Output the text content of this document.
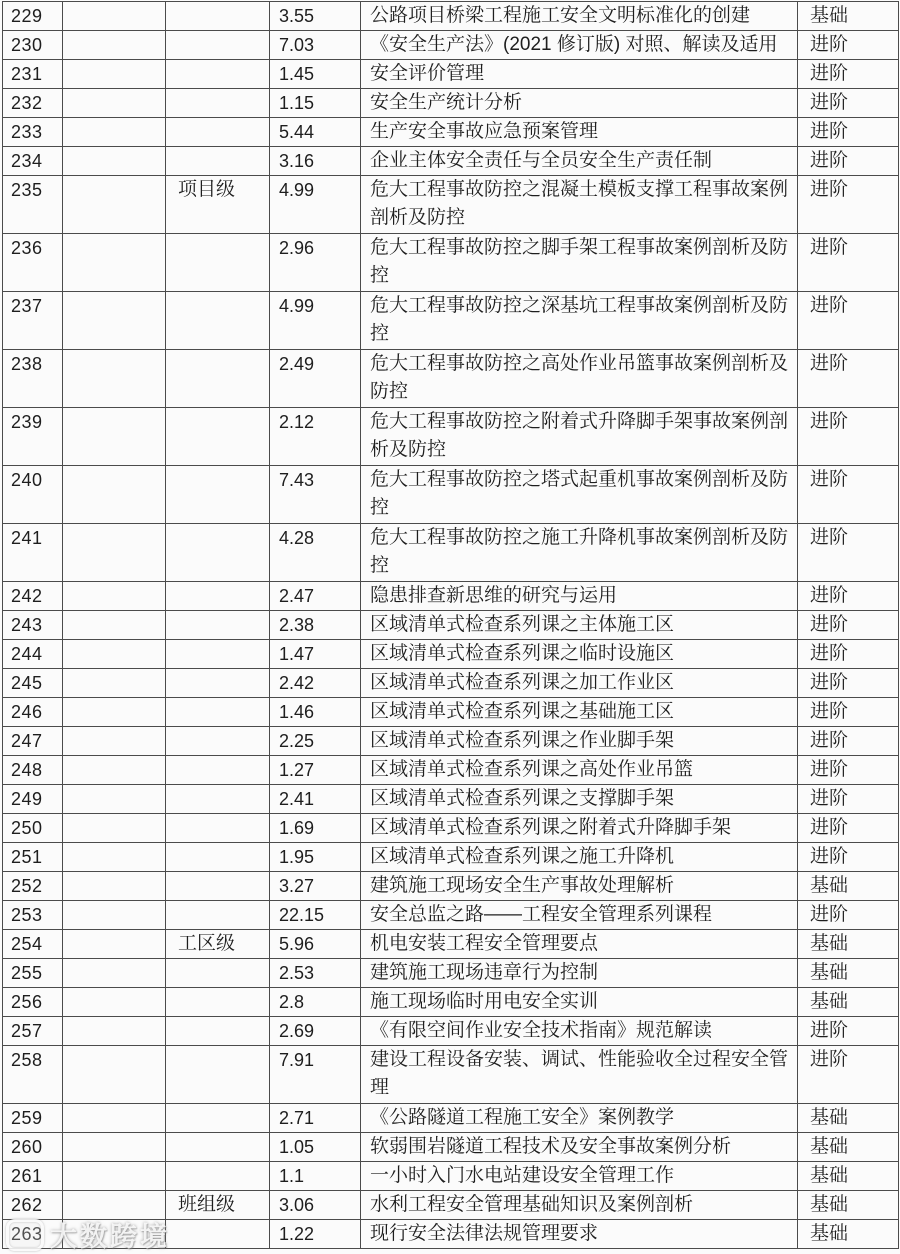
229			3.55	公路项目桥梁工程施工安全文明标准化的创建	基础
230			7.03	《安全生产法》(2021 修订版) 对照、解读及适用	进阶
231			1.45	安全评价管理	进阶
232			1.15	安全生产统计分析	进阶
233			5.44	生产安全事故应急预案管理	进阶
234			3.16	企业主体安全责任与全员安全生产责任制	进阶
235		项目级	4.99	危大工程事故防控之混凝土模板支撑工程事故案例剖析及防控	进阶
236			2.96	危大工程事故防控之脚手架工程事故案例剖析及防控	进阶
237			4.99	危大工程事故防控之深基坑工程事故案例剖析及防控	进阶
238			2.49	危大工程事故防控之高处作业吊篮事故案例剖析及防控	进阶
239			2.12	危大工程事故防控之附着式升降脚手架事故案例剖析及防控	进阶
240			7.43	危大工程事故防控之塔式起重机事故案例剖析及防控	进阶
241			4.28	危大工程事故防控之施工升降机事故案例剖析及防控	进阶
242			2.47	隐患排查新思维的研究与运用	进阶
243			2.38	区域清单式检查系列课之主体施工区	进阶
244			1.47	区域清单式检查系列课之临时设施区	进阶
245			2.42	区域清单式检查系列课之加工作业区	进阶
246			1.46	区域清单式检查系列课之基础施工区	进阶
247			2.25	区域清单式检查系列课之作业脚手架	进阶
248			1.27	区域清单式检查系列课之高处作业吊篮	进阶
249			2.41	区域清单式检查系列课之支撑脚手架	进阶
250			1.69	区域清单式检查系列课之附着式升降脚手架	进阶
251			1.95	区域清单式检查系列课之施工升降机	进阶
252			3.27	建筑施工现场安全生产事故处理解析	基础
253			22.15	安全总监之路——工程安全管理系列课程	进阶
254		工区级	5.96	机电安装工程安全管理要点	基础
255			2.53	建筑施工现场违章行为控制	基础
256			2.8	施工现场临时用电安全实训	基础
257			2.69	《有限空间作业安全技术指南》规范解读	进阶
258			7.91	建设工程设备安装、调试、性能验收全过程安全管理	进阶
259			2.71	《公路隧道工程施工安全》案例教学	基础
260			1.05	软弱围岩隧道工程技术及安全事故案例分析	基础
261			1.1	一小时入门水电站建设安全管理工作	基础
262		班组级	3.06	水利工程安全管理基础知识及案例剖析	基础
263			1.22	现行安全法律法规管理要求	基础
大数跨境
